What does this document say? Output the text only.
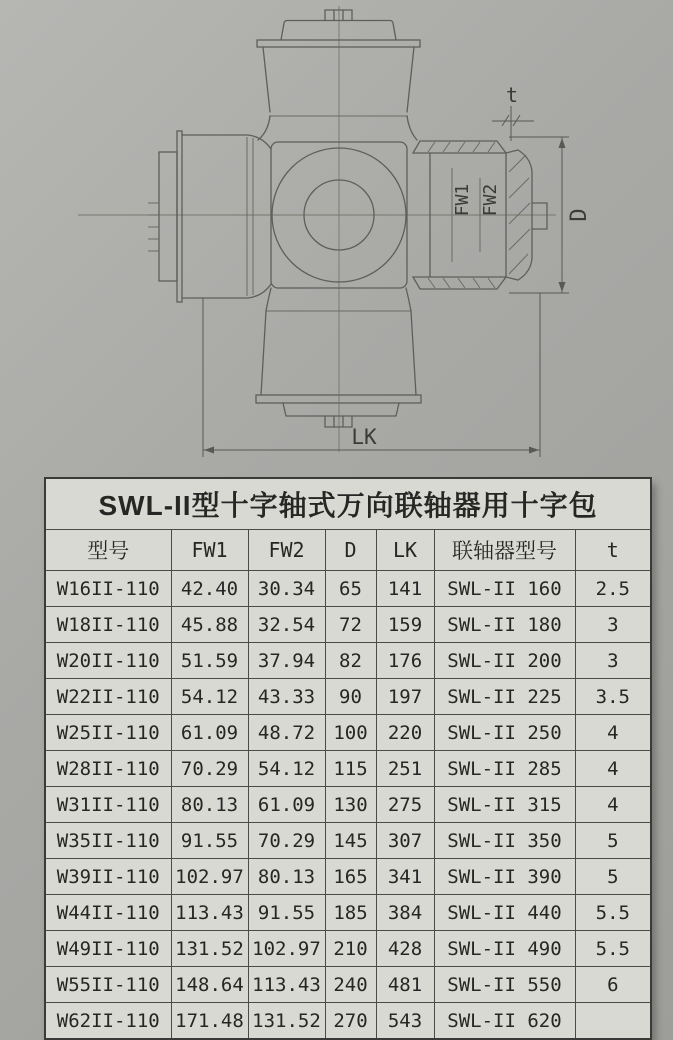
FW1 FW2
t
D
LK
SWL-II型十字轴式万向联轴器用十字包						
型号	FW1	FW2	D	LK	联轴器型号	t
W16II-110	42.40	30.34	65	141	SWL-II 160	2.5
W18II-110	45.88	32.54	72	159	SWL-II 180	3
W20II-110	51.59	37.94	82	176	SWL-II 200	3
W22II-110	54.12	43.33	90	197	SWL-II 225	3.5
W25II-110	61.09	48.72	100	220	SWL-II 250	4
W28II-110	70.29	54.12	115	251	SWL-II 285	4
W31II-110	80.13	61.09	130	275	SWL-II 315	4
W35II-110	91.55	70.29	145	307	SWL-II 350	5
W39II-110	102.97	80.13	165	341	SWL-II 390	5
W44II-110	113.43	91.55	185	384	SWL-II 440	5.5
W49II-110	131.52	102.97	210	428	SWL-II 490	5.5
W55II-110	148.64	113.43	240	481	SWL-II 550	6
W62II-110	171.48	131.52	270	543	SWL-II 620	
